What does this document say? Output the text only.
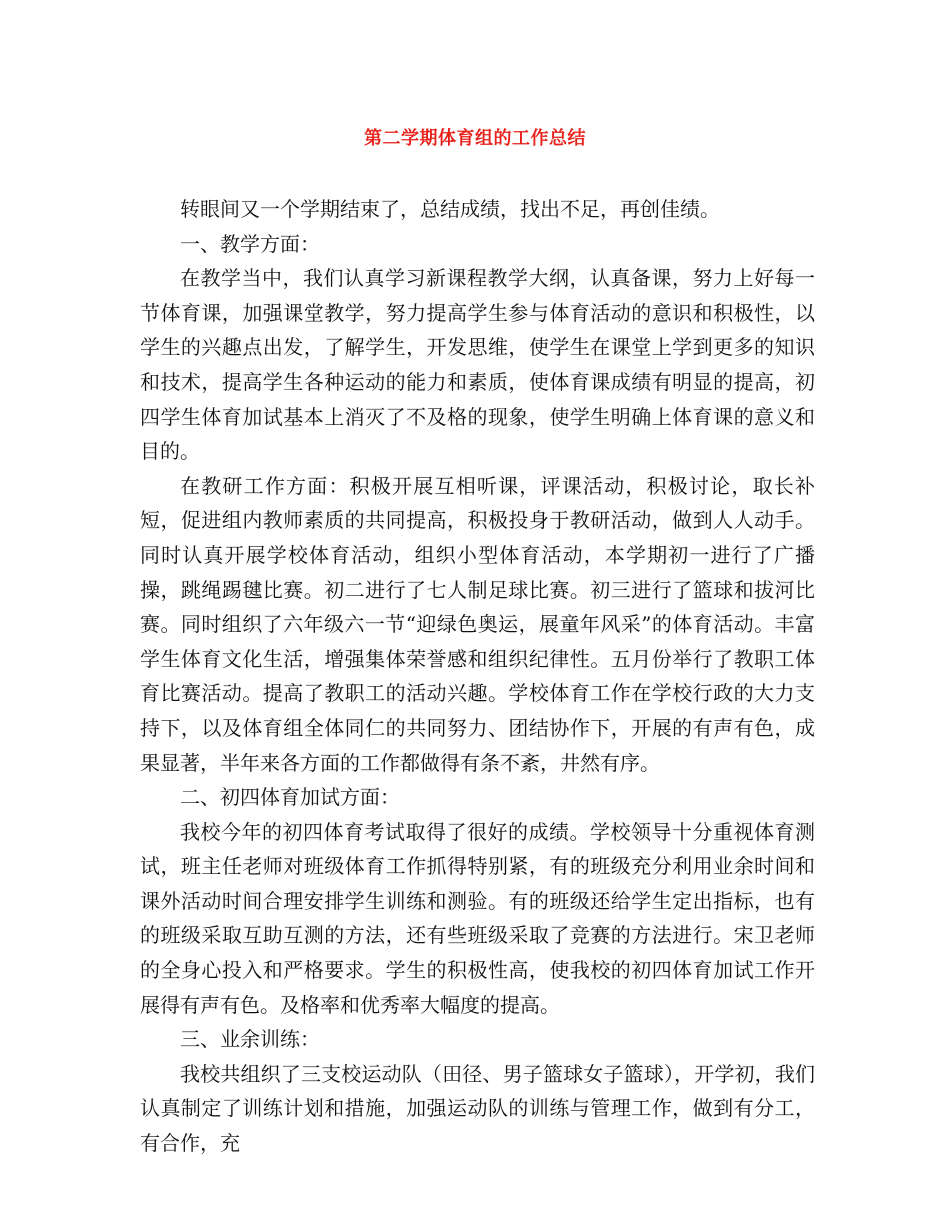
第二学期体育组的工作总结

转眼间又一个学期结束了，总结成绩，找出不足，再创佳绩。

一、教学方面：

在教学当中，我们认真学习新课程教学大纲，认真备课，努力上好每一节体育课，加强课堂教学，努力提高学生参与体育活动的意识和积极性，以学生的兴趣点出发，了解学生，开发思维，使学生在课堂上学到更多的知识和技术，提高学生各种运动的能力和素质，使体育课成绩有明显的提高，初四学生体育加试基本上消灭了不及格的现象，使学生明确上体育课的意义和目的。

在教研工作方面：积极开展互相听课，评课活动，积极讨论，取长补短，促进组内教师素质的共同提高，积极投身于教研活动，做到人人动手。同时认真开展学校体育活动，组织小型体育活动，本学期初一进行了广播操，跳绳踢毽比赛。初二进行了七人制足球比赛。初三进行了篮球和拔河比赛。同时组织了六年级六一节“迎绿色奥运，展童年风采”的体育活动。丰富学生体育文化生活，增强集体荣誉感和组织纪律性。五月份举行了教职工体育比赛活动。提高了教职工的活动兴趣。学校体育工作在学校行政的大力支持下，以及体育组全体同仁的共同努力、团结协作下，开展的有声有色，成果显著，半年来各方面的工作都做得有条不紊，井然有序。

二、初四体育加试方面：

我校今年的初四体育考试取得了很好的成绩。学校领导十分重视体育测试，班主任老师对班级体育工作抓得特别紧，有的班级充分利用业余时间和课外活动时间合理安排学生训练和测验。有的班级还给学生定出指标，也有的班级采取互助互测的方法，还有些班级采取了竞赛的方法进行。宋卫老师的全身心投入和严格要求。学生的积极性高，使我校的初四体育加试工作开展得有声有色。及格率和优秀率大幅度的提高。

三、业余训练：

我校共组织了三支校运动队（田径、男子篮球女子篮球），开学初，我们认真制定了训练计划和措施，加强运动队的训练与管理工作，做到有分工，有合作，充
